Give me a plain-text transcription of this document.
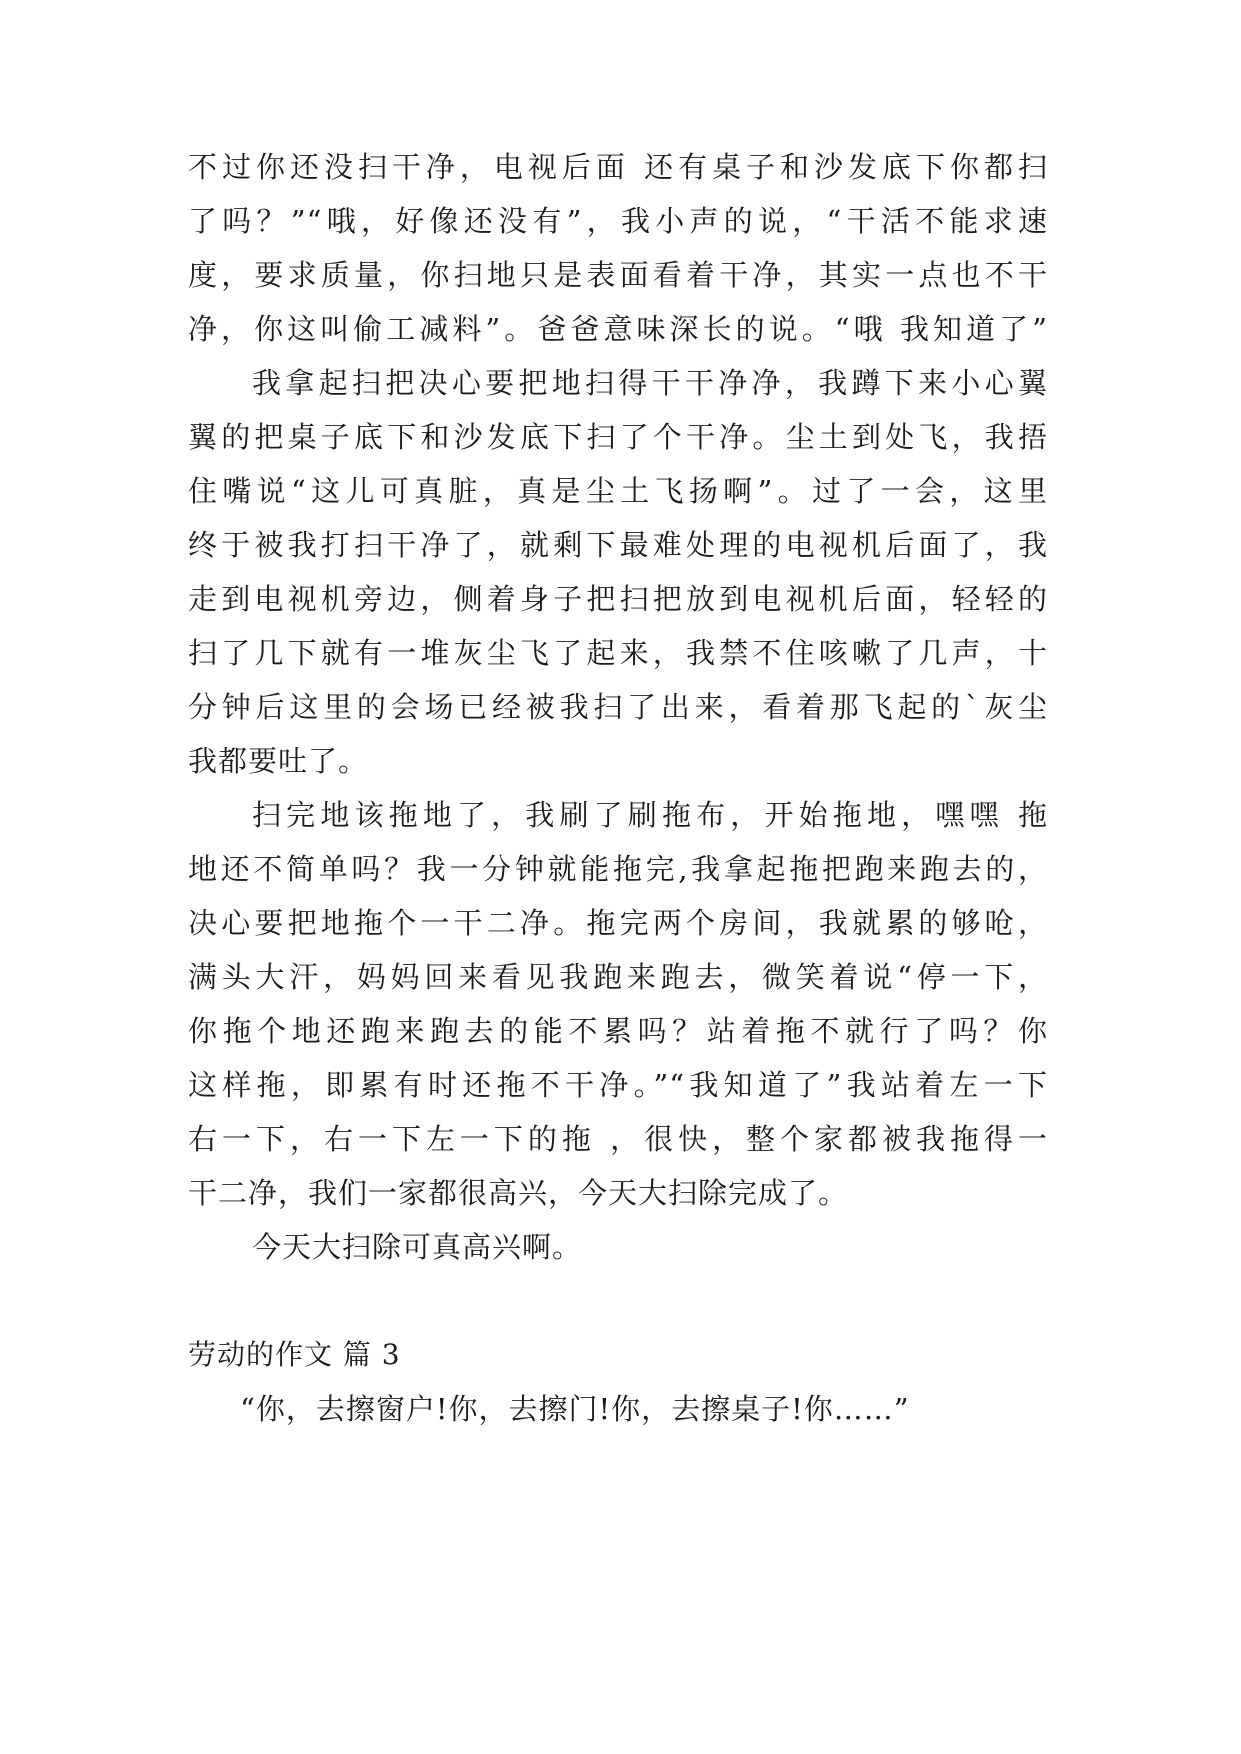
不过你还没扫干净，电视后面 还有桌子和沙发底下你都扫
了吗？”“哦，好像还没有”，我小声的说，“干活不能求速
度，要求质量，你扫地只是表面看着干净，其实一点也不干
净，你这叫偷工减料”。爸爸意味深长的说。“哦 我知道了”
我拿起扫把决心要把地扫得干干净净，我蹲下来小心翼
翼的把桌子底下和沙发底下扫了个干净。尘土到处飞，我捂
住嘴说“这儿可真脏，真是尘土飞扬啊”。过了一会，这里
终于被我打扫干净了，就剩下最难处理的电视机后面了，我
走到电视机旁边，侧着身子把扫把放到电视机后面，轻轻的
扫了几下就有一堆灰尘飞了起来，我禁不住咳嗽了几声，十
分钟后这里的会场已经被我扫了出来，看着那飞起的`灰尘
我都要吐了。
扫完地该拖地了，我刷了刷拖布，开始拖地，嘿嘿 拖
地还不简单吗？我一分钟就能拖完,我拿起拖把跑来跑去的，
决心要把地拖个一干二净。拖完两个房间，我就累的够呛，
满头大汗，妈妈回来看见我跑来跑去，微笑着说“停一下，
你拖个地还跑来跑去的能不累吗？站着拖不就行了吗？你
这样拖，即累有时还拖不干净。”“我知道了”我站着左一下
右一下，右一下左一下的拖 ，很快，整个家都被我拖得一
干二净，我们一家都很高兴，今天大扫除完成了。
今天大扫除可真高兴啊。
劳动的作文 篇 3
“你，去擦窗户!你，去擦门!你，去擦桌子!你……”
